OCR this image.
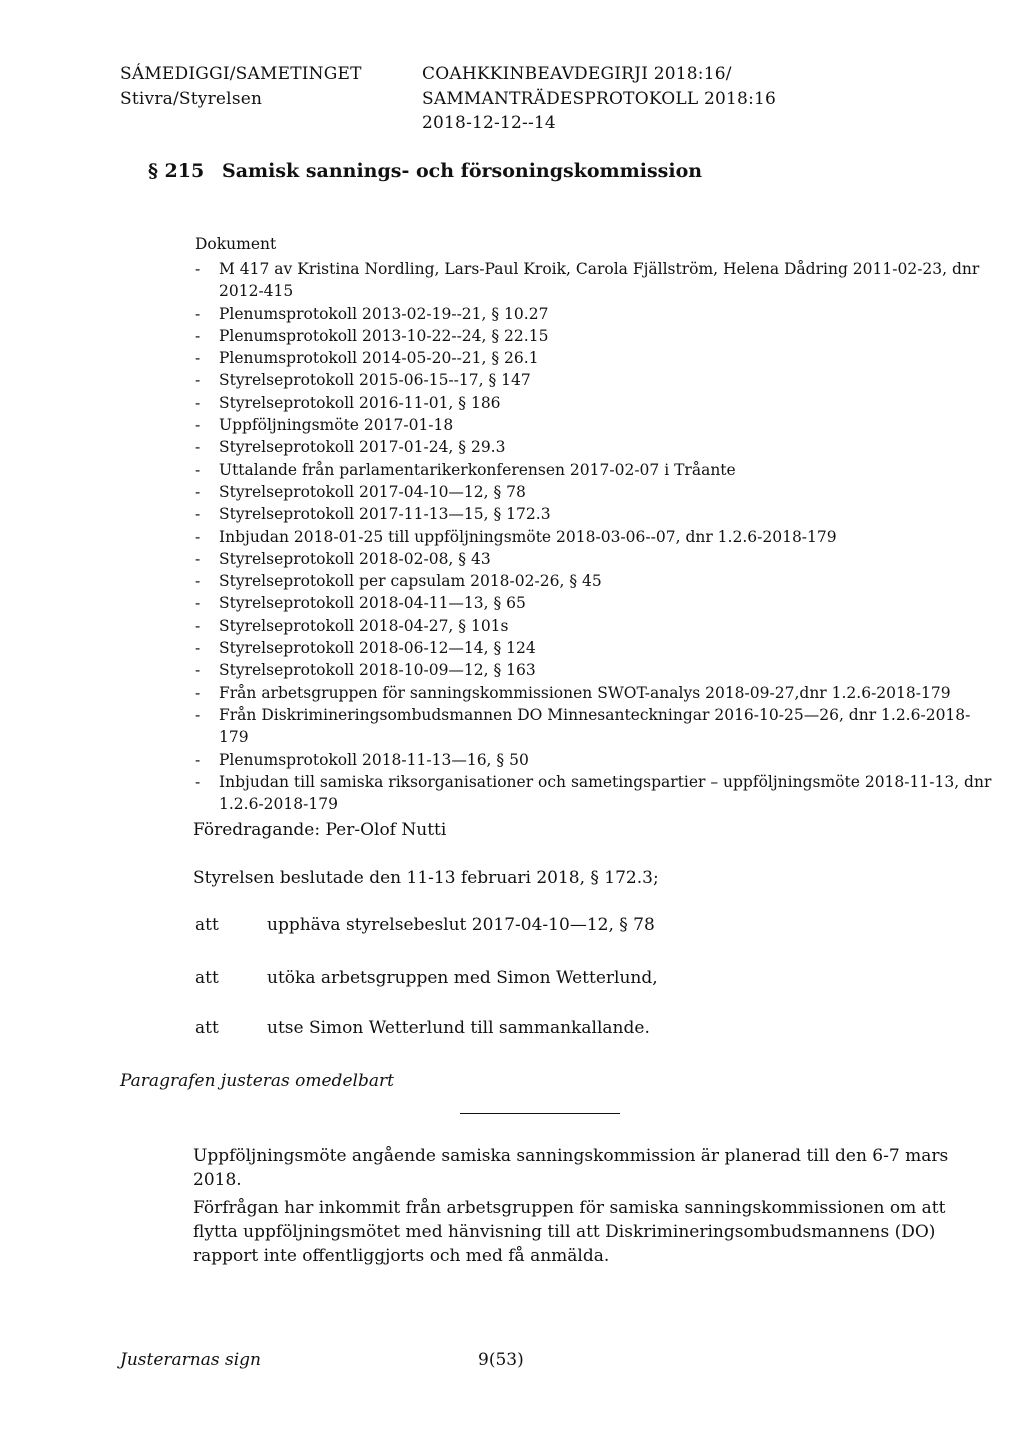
SÁMEDIGGI/SAMETINGET
Stivra/Styrelsen
COAHKKINBEAVDEGIRJI 2018:16/
SAMMANTRÄDESPROTOKOLL 2018:16
2018-12-12--14
§ 215 Samisk sannings- och försoningskommission
Dokument
-	M 417 av Kristina Nordling, Lars-Paul Kroik, Carola Fjällström, Helena Dådring 2011-02-23, dnr 2012-415
-	Plenumsprotokoll 2013-02-19--21, § 10.27
-	Plenumsprotokoll 2013-10-22--24, § 22.15
-	Plenumsprotokoll 2014-05-20--21, § 26.1
-	Styrelseprotokoll 2015-06-15--17, § 147
-	Styrelseprotokoll 2016-11-01, § 186
-	Uppföljningsmöte 2017-01-18
-	Styrelseprotokoll 2017-01-24, § 29.3
-	Uttalande från parlamentarikerkonferensen 2017-02-07 i Tråante
-	Styrelseprotokoll 2017-04-10—12, § 78
-	Styrelseprotokoll 2017-11-13—15, § 172.3
-	Inbjudan 2018-01-25 till uppföljningsmöte 2018-03-06--07, dnr 1.2.6-2018-179
-	Styrelseprotokoll 2018-02-08, § 43
-	Styrelseprotokoll per capsulam 2018-02-26, § 45
-	Styrelseprotokoll 2018-04-11—13, § 65
-	Styrelseprotokoll 2018-04-27, § 101s
-	Styrelseprotokoll 2018-06-12—14, § 124
-	Styrelseprotokoll 2018-10-09—12, § 163
-	Från arbetsgruppen för sanningskommissionen SWOT-analys 2018-09-27,dnr 1.2.6-2018-179
-	Från Diskrimineringsombudsmannen DO Minnesanteckningar 2016-10-25—26, dnr 1.2.6-2018-179
-	Plenumsprotokoll 2018-11-13—16, § 50
-	Inbjudan till samiska riksorganisationer och sametingspartier – uppföljningsmöte 2018-11-13, dnr 1.2.6-2018-179
Föredragande: Per-Olof Nutti
Styrelsen beslutade den 11-13 februari 2018, § 172.3;
att	upphäva styrelsebeslut 2017-04-10—12, § 78
att	utöka arbetsgruppen med Simon Wetterlund,
att	utse Simon Wetterlund till sammankallande.
Paragrafen justeras omedelbart
Uppföljningsmöte angående samiska sanningskommission är planerad till den 6-7 mars 2018.
Förfrågan har inkommit från arbetsgruppen för samiska sanningskommissionen om att flytta uppföljningsmötet med hänvisning till att Diskrimineringsombudsmannens (DO) rapport inte offentliggjorts och med få anmälda.
Justerarnas sign	9(53)
